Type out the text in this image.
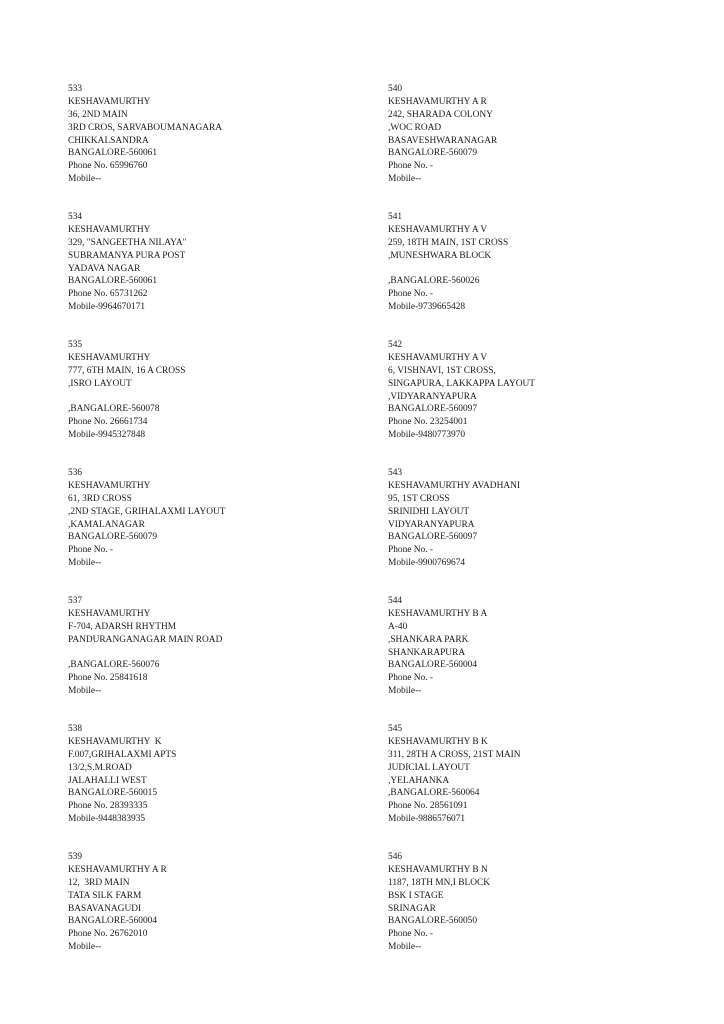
533
KESHAVAMURTHY
36, 2ND MAIN
3RD CROS, SARVABOUMANAGARA
CHIKKALSANDRA
BANGALORE-560061
Phone No. 65996760
Mobile--
534
KESHAVAMURTHY
329, "SANGEETHA NILAYA"
SUBRAMANYA PURA POST
YADAVA NAGAR
BANGALORE-560061
Phone No. 65731262
Mobile-9964670171
535
KESHAVAMURTHY
777, 6TH MAIN, 16 A CROSS
,ISRO LAYOUT
,BANGALORE-560078
Phone No. 26661734
Mobile-9945327848
536
KESHAVAMURTHY
61, 3RD CROSS
,2ND STAGE, GRIHALAXMI LAYOUT
,KAMALANAGAR
BANGALORE-560079
Phone No. -
Mobile--
537
KESHAVAMURTHY
F-704, ADARSH RHYTHM
PANDURANGANAGAR MAIN ROAD
,BANGALORE-560076
Phone No. 25841618
Mobile--
538
KESHAVAMURTHY  K
F.007,GRIHALAXMI APTS
13/2,S.M.ROAD
JALAHALLI WEST
BANGALORE-560015
Phone No. 28393335
Mobile-9448383935
539
KESHAVAMURTHY A R
12,  3RD MAIN
TATA SILK FARM
BASAVANAGUDI
BANGALORE-560004
Phone No. 26762010
Mobile--
540
KESHAVAMURTHY A R
242, SHARADA COLONY
,WOC ROAD
BASAVESHWARANAGAR
BANGALORE-560079
Phone No. -
Mobile--
541
KESHAVAMURTHY A V
259, 18TH MAIN, 1ST CROSS
,MUNESHWARA BLOCK
,BANGALORE-560026
Phone No. -
Mobile-9739665428
542
KESHAVAMURTHY A V
6, VISHNAVI, 1ST CROSS,
SINGAPURA, LAKKAPPA LAYOUT
,VIDYARANYAPURA
BANGALORE-560097
Phone No. 23254001
Mobile-9480773970
543
KESHAVAMURTHY AVADHANI
95, 1ST CROSS
SRINIDHI LAYOUT
VIDYARANYAPURA
BANGALORE-560097
Phone No. -
Mobile-9900769674
544
KESHAVAMURTHY B A
A-40
,SHANKARA PARK
SHANKARAPURA
BANGALORE-560004
Phone No. -
Mobile--
545
KESHAVAMURTHY B K
311, 28TH A CROSS, 21ST MAIN
JUDICIAL LAYOUT
,YELAHANKA
,BANGALORE-560064
Phone No. 28561091
Mobile-9886576071
546
KESHAVAMURTHY B N
1187, 18TH MN,I BLOCK
BSK I STAGE
SRINAGAR
BANGALORE-560050
Phone No. -
Mobile--
